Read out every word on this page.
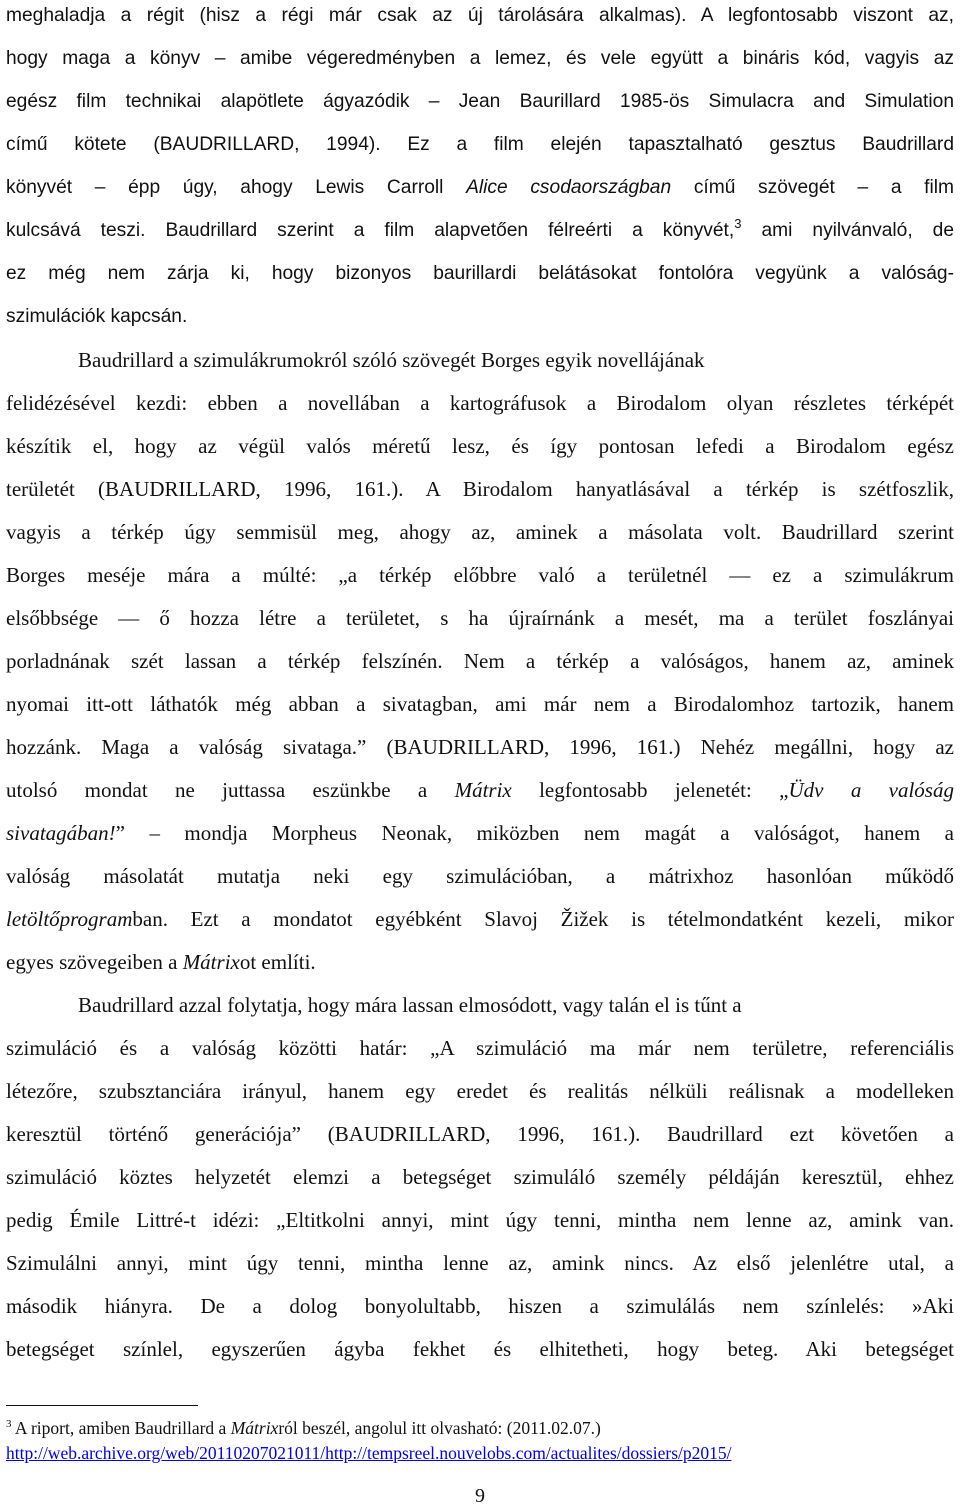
meghaladja a régit (hisz a régi már csak az új tárolására alkalmas). A legfontosabb viszont az,
hogy maga a könyv – amibe végeredményben a lemez, és vele együtt a bináris kód, vagyis az
egész film technikai alapötlete ágyazódik – Jean Baurillard 1985-ös Simulacra and Simulation
című kötete (BAUDRILLARD, 1994). Ez a film elején tapasztalható gesztus Baudrillard
könyvét – épp úgy, ahogy Lewis Carroll Alice csodaországban című szövegét – a film
kulcsává teszi. Baudrillard szerint a film alapvetően félreérti a könyvét,$^3$ ami nyilvánvaló, de
ez még nem zárja ki, hogy bizonyos baurillardi belátásokat fontolóra vegyünk a valóság-
szimulációk kapcsán.
Baudrillard a szimulákrumokról szóló szövegét Borges egyik novellájának
felidézésével kezdi: ebben a novellában a kartográfusok a Birodalom olyan részletes térképét
készítik el, hogy az végül valós méretű lesz, és így pontosan lefedi a Birodalom egész
területét (BAUDRILLARD, 1996, 161.). A Birodalom hanyatlásával a térkép is szétfoszlik,
vagyis a térkép úgy semmisül meg, ahogy az, aminek a másolata volt. Baudrillard szerint
Borges meséje mára a múlté: „a térkép előbbre való a területnél — ez a szimulákrum
elsőbbsége — ő hozza létre a területet, s ha újraírnánk a mesét, ma a terület foszlányai
porladnának szét lassan a térkép felszínén. Nem a térkép a valóságos, hanem az, aminek
nyomai itt-ott láthatók még abban a sivatagban, ami már nem a Birodalomhoz tartozik, hanem
hozzánk. Maga a valóság sivataga.” (BAUDRILLARD, 1996, 161.) Nehéz megállni, hogy az
utolsó mondat ne juttassa eszünkbe a Mátrix legfontosabb jelenetét: „Üdv a valóság
sivatagában!” – mondja Morpheus Neonak, miközben nem magát a valóságot, hanem a
valóság másolatát mutatja neki egy szimulációban, a mátrixhoz hasonlóan működő
letöltőprogramban. Ezt a mondatot egyébként Slavoj Žižek is tételmondatként kezeli, mikor
egyes szövegeiben a Mátrixot említi.
Baudrillard azzal folytatja, hogy mára lassan elmosódott, vagy talán el is tűnt a
szimuláció és a valóság közötti határ: „A szimuláció ma már nem területre, referenciális
létezőre, szubsztanciára irányul, hanem egy eredet és realitás nélküli reálisnak a modelleken
keresztül történő generációja” (BAUDRILLARD, 1996, 161.). Baudrillard ezt követően a
szimuláció köztes helyzetét elemzi a betegséget szimuláló személy példáján keresztül, ehhez
pedig Émile Littré-t idézi: „Eltitkolni annyi, mint úgy tenni, mintha nem lenne az, amink van.
Szimulálni annyi, mint úgy tenni, mintha lenne az, amink nincs. Az első jelenlétre utal, a
második hiányra. De a dolog bonyolultabb, hiszen a szimulálás nem színlelés: »Aki
betegséget színlel, egyszerűen ágyba fekhet és elhitetheti, hogy beteg. Aki betegséget
$^3$ A riport, amiben Baudrillard a Mátrixról beszél, angolul itt olvasható: (2011.02.07.)
http://web.archive.org/web/20110207021011/http://tempsreel.nouvelobs.com/actualites/dossiers/p2015/
9
